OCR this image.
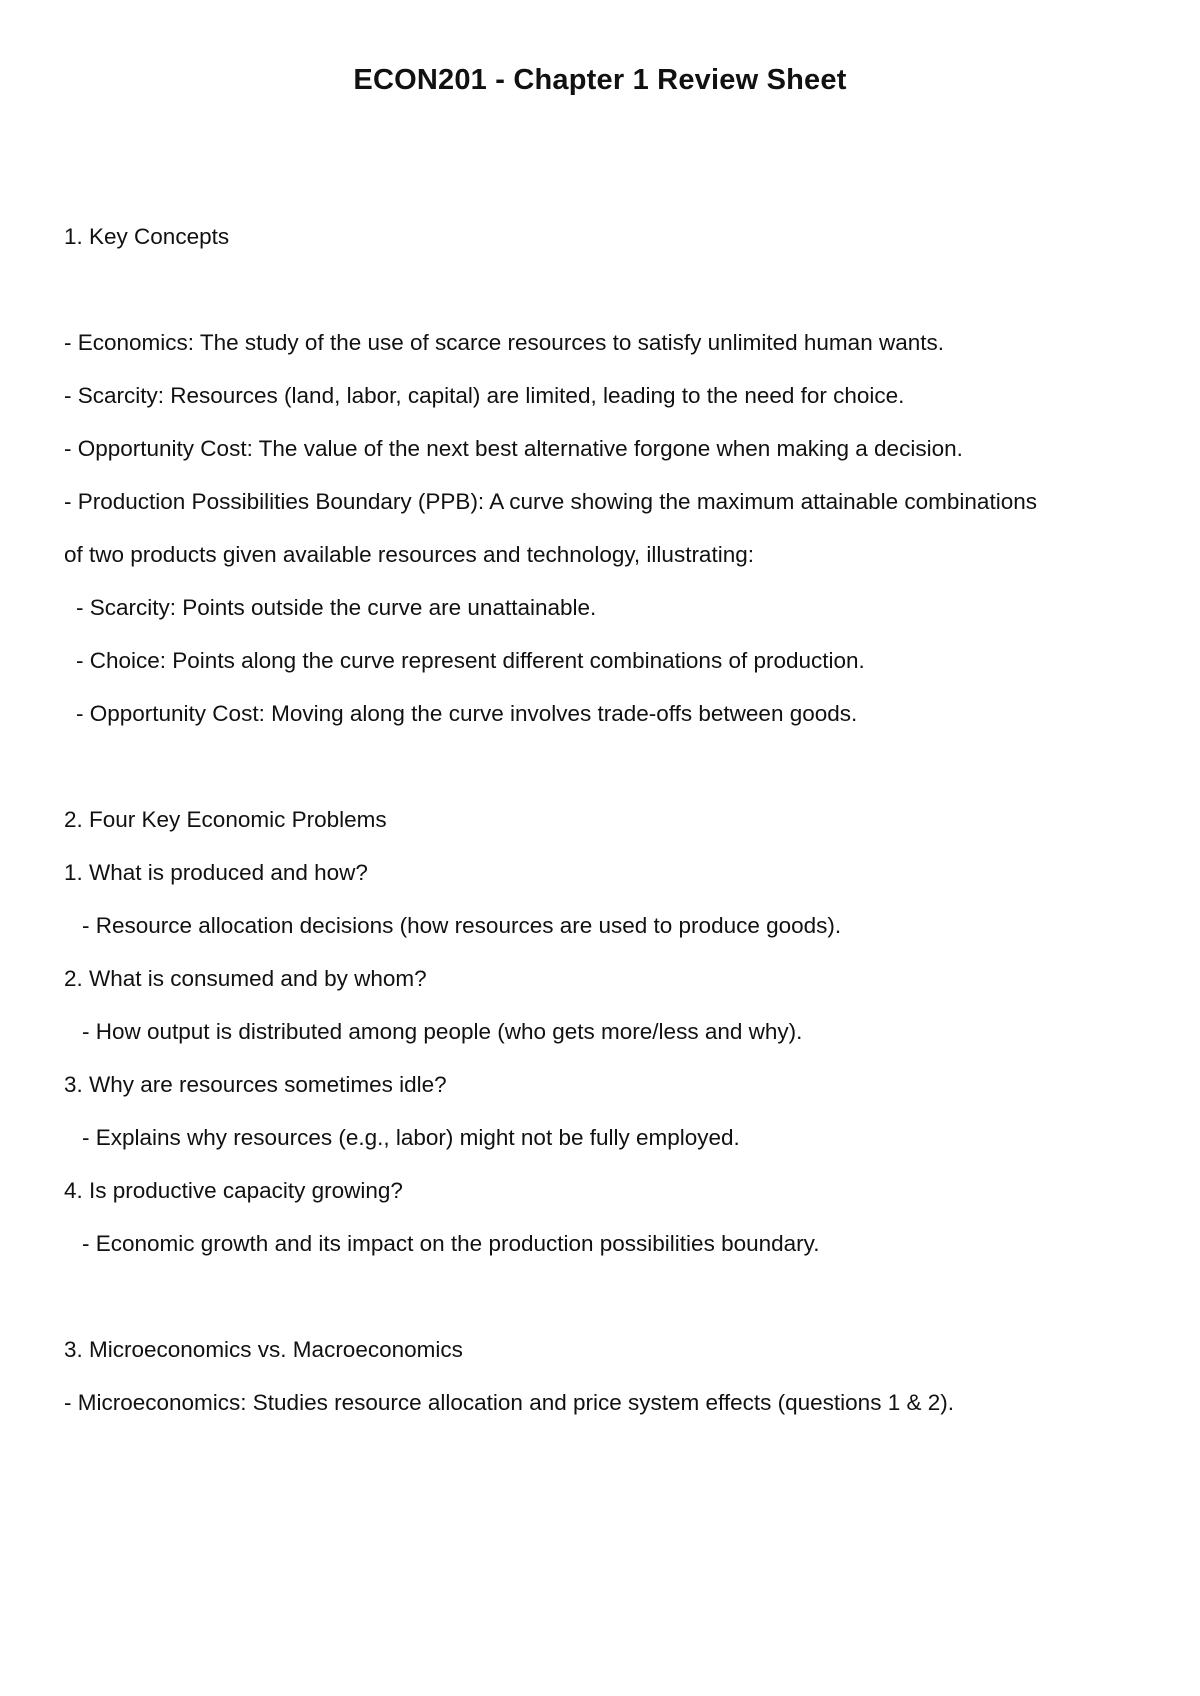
ECON201 - Chapter 1 Review Sheet
1. Key Concepts
- Economics: The study of the use of scarce resources to satisfy unlimited human wants.
- Scarcity: Resources (land, labor, capital) are limited, leading to the need for choice.
- Opportunity Cost: The value of the next best alternative forgone when making a decision.
- Production Possibilities Boundary (PPB): A curve showing the maximum attainable combinations
of two products given available resources and technology, illustrating:
- Scarcity: Points outside the curve are unattainable.
- Choice: Points along the curve represent different combinations of production.
- Opportunity Cost: Moving along the curve involves trade-offs between goods.
2. Four Key Economic Problems
1. What is produced and how?
- Resource allocation decisions (how resources are used to produce goods).
2. What is consumed and by whom?
- How output is distributed among people (who gets more/less and why).
3. Why are resources sometimes idle?
- Explains why resources (e.g., labor) might not be fully employed.
4. Is productive capacity growing?
- Economic growth and its impact on the production possibilities boundary.
3. Microeconomics vs. Macroeconomics
- Microeconomics: Studies resource allocation and price system effects (questions 1 & 2).
